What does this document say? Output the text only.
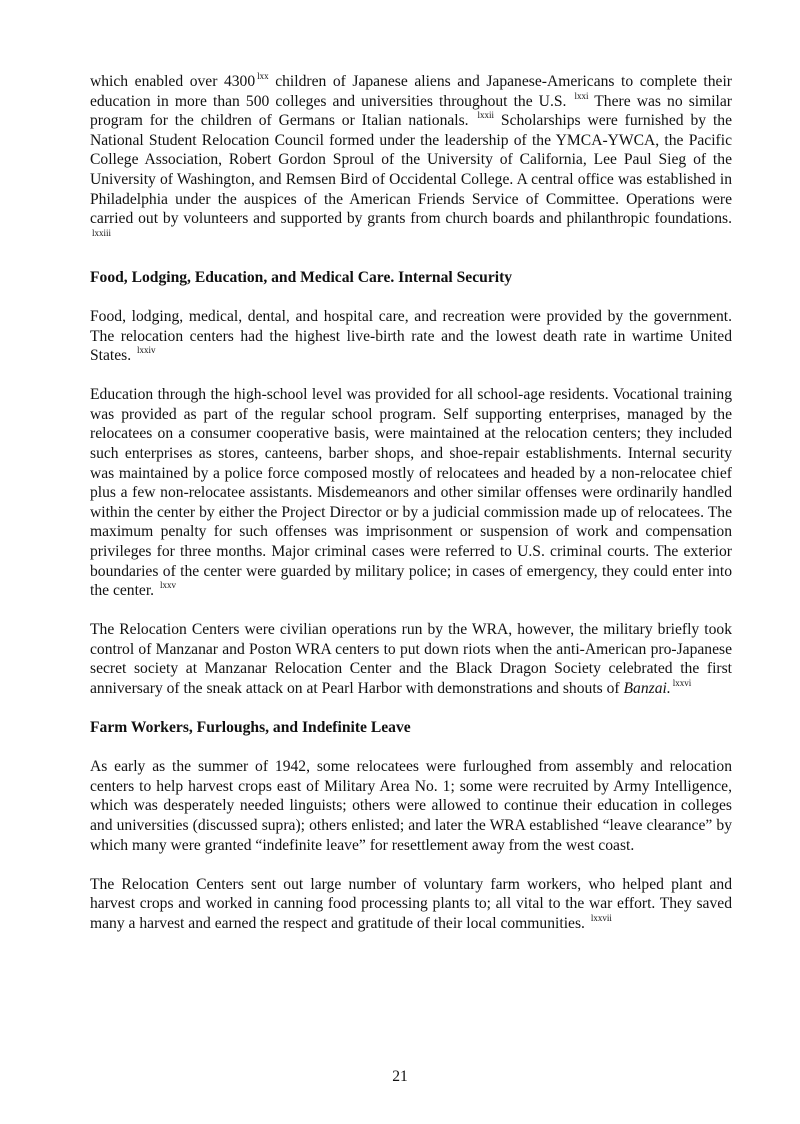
which enabled over 4300 $^{lxx}$ children of Japanese aliens and Japanese-Americans to complete their education in more than 500 colleges and universities throughout the U.S. $^{lxxi}$ There was no similar program for the children of Germans or Italian nationals. $^{lxxii}$ Scholarships were furnished by the National Student Relocation Council formed under the leadership of the YMCA-YWCA, the Pacific College Association, Robert Gordon Sproul of the University of California, Lee Paul Sieg of the University of Washington, and Remsen Bird of Occidental College. A central office was established in Philadelphia under the auspices of the American Friends Service of Committee. Operations were carried out by volunteers and supported by grants from church boards and philanthropic foundations. $^{lxxiii}$

Food, Lodging, Education, and Medical Care. Internal Security

Food, lodging, medical, dental, and hospital care, and recreation were provided by the government. The relocation centers had the highest live-birth rate and the lowest death rate in wartime United States. $^{lxxiv}$

Education through the high-school level was provided for all school-age residents. Vocational training was provided as part of the regular school program. Self supporting enterprises, managed by the relocatees on a consumer cooperative basis, were maintained at the relocation centers; they included such enterprises as stores, canteens, barber shops, and shoe-repair establishments. Internal security was maintained by a police force composed mostly of relocatees and headed by a non-relocatee chief plus a few non-relocatee assistants. Misdemeanors and other similar offenses were ordinarily handled within the center by either the Project Director or by a judicial commission made up of relocatees. The maximum penalty for such offenses was imprisonment or suspension of work and compensation privileges for three months. Major criminal cases were referred to U.S. criminal courts. The exterior boundaries of the center were guarded by military police; in cases of emergency, they could enter into the center. $^{lxxv}$

The Relocation Centers were civilian operations run by the WRA, however, the military briefly took control of Manzanar and Poston WRA centers to put down riots when the anti-American pro-Japanese secret society at Manzanar Relocation Center and the Black Dragon Society celebrated the first anniversary of the sneak attack on at Pearl Harbor with demonstrations and shouts of Banzai. $^{lxxvi}$

Farm Workers, Furloughs, and Indefinite Leave

As early as the summer of 1942, some relocatees were furloughed from assembly and relocation centers to help harvest crops east of Military Area No. 1; some were recruited by Army Intelligence, which was desperately needed linguists; others were allowed to continue their education in colleges and universities (discussed supra); others enlisted; and later the WRA established “leave clearance” by which many were granted “indefinite leave” for resettlement away from the west coast.

The Relocation Centers sent out large number of voluntary farm workers, who helped plant and harvest crops and worked in canning food processing plants to; all vital to the war effort. They saved many a harvest and earned the respect and gratitude of their local communities. $^{lxxvii}$

21
